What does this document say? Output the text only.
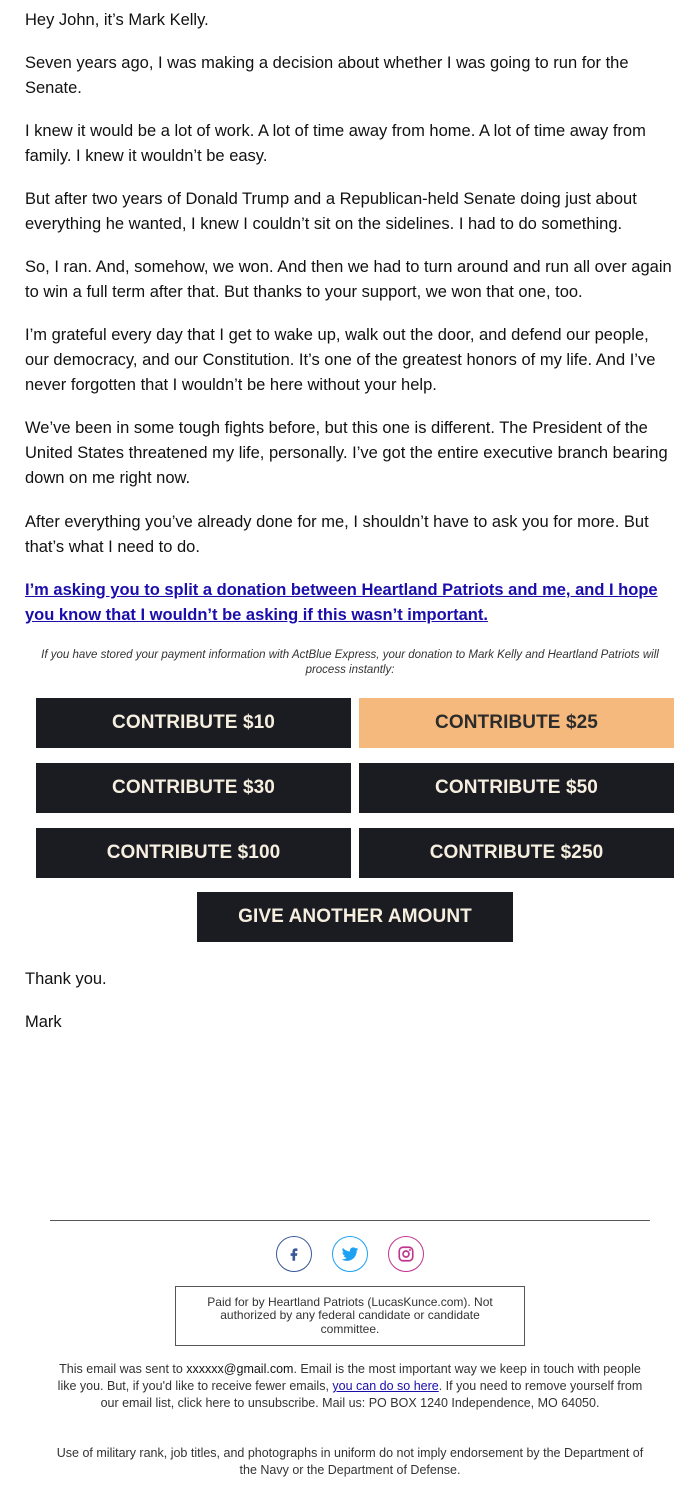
Hey John, it’s Mark Kelly.

Seven years ago, I was making a decision about whether I was going to run for the Senate.

I knew it would be a lot of work. A lot of time away from home. A lot of time away from family. I knew it wouldn’t be easy.

But after two years of Donald Trump and a Republican-held Senate doing just about everything he wanted, I knew I couldn’t sit on the sidelines. I had to do something.

So, I ran. And, somehow, we won. And then we had to turn around and run all over again to win a full term after that. But thanks to your support, we won that one, too.

I’m grateful every day that I get to wake up, walk out the door, and defend our people, our democracy, and our Constitution. It’s one of the greatest honors of my life. And I’ve never forgotten that I wouldn’t be here without your help.

We’ve been in some tough fights before, but this one is different. The President of the United States threatened my life, personally. I’ve got the entire executive branch bearing down on me right now.

After everything you’ve already done for me, I shouldn’t have to ask you for more. But that’s what I need to do.

I’m asking you to split a donation between Heartland Patriots and me, and I hope you know that I wouldn’t be asking if this wasn’t important.
If you have stored your payment information with ActBlue Express, your donation to Mark Kelly and Heartland Patriots will process instantly:
Thank you.
Mark
CONTRIBUTE $10	CONTRIBUTE $25
CONTRIBUTE $30	CONTRIBUTE $50
CONTRIBUTE $100	CONTRIBUTE $250
GIVE ANOTHER AMOUNT
Paid for by Heartland Patriots (LucasKunce.com). Not authorized by any federal candidate or candidate committee.
This email was sent to xxxxxx@gmail.com. Email is the most important way we keep in touch with people like you. But, if you'd like to receive fewer emails, you can do so here. If you need to remove yourself from our email list, click here to unsubscribe. Mail us: PO BOX 1240 Independence, MO 64050.
Use of military rank, job titles, and photographs in uniform do not imply endorsement by the Department of the Navy or the Department of Defense.
